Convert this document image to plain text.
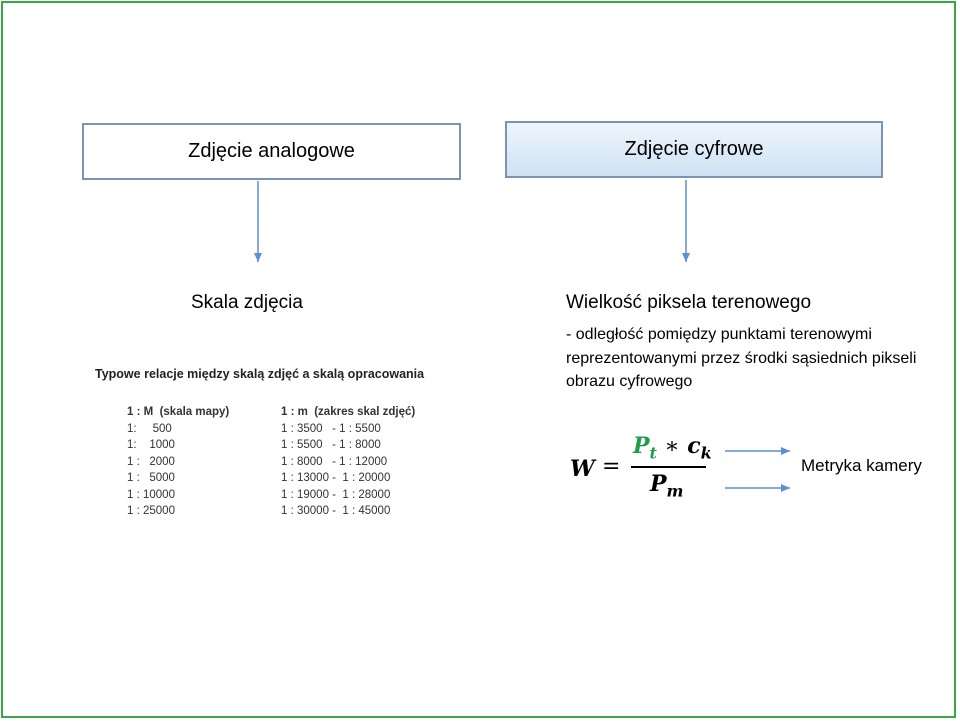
Zdjęcie analogowe	Zdjęcie cyfrowe
Skala zdjęcia	Wielkość piksela terenowego
- odległość pomiędzy punktami terenowymi
reprezentowanymi przez środki sąsiednich pikseli
obrazu cyfrowego
Typowe relacje między skalą zdjęć a skalą opracowania
1 : M  (skala mapy)
1:     500
1:    1000
1 :   2000
1 :   5000
1 : 10000
1 : 25000
1 : m  (zakres skal zdjęć)
1 : 3500   - 1 : 5500
1 : 5500   - 1 : 8000
1 : 8000   - 1 : 12000
1 : 13000 -  1 : 20000
1 : 19000 -  1 : 28000
1 : 30000 -  1 : 45000
W =
$P_t$ ∗ $c_k$
$P_m$
Metryka kamery
